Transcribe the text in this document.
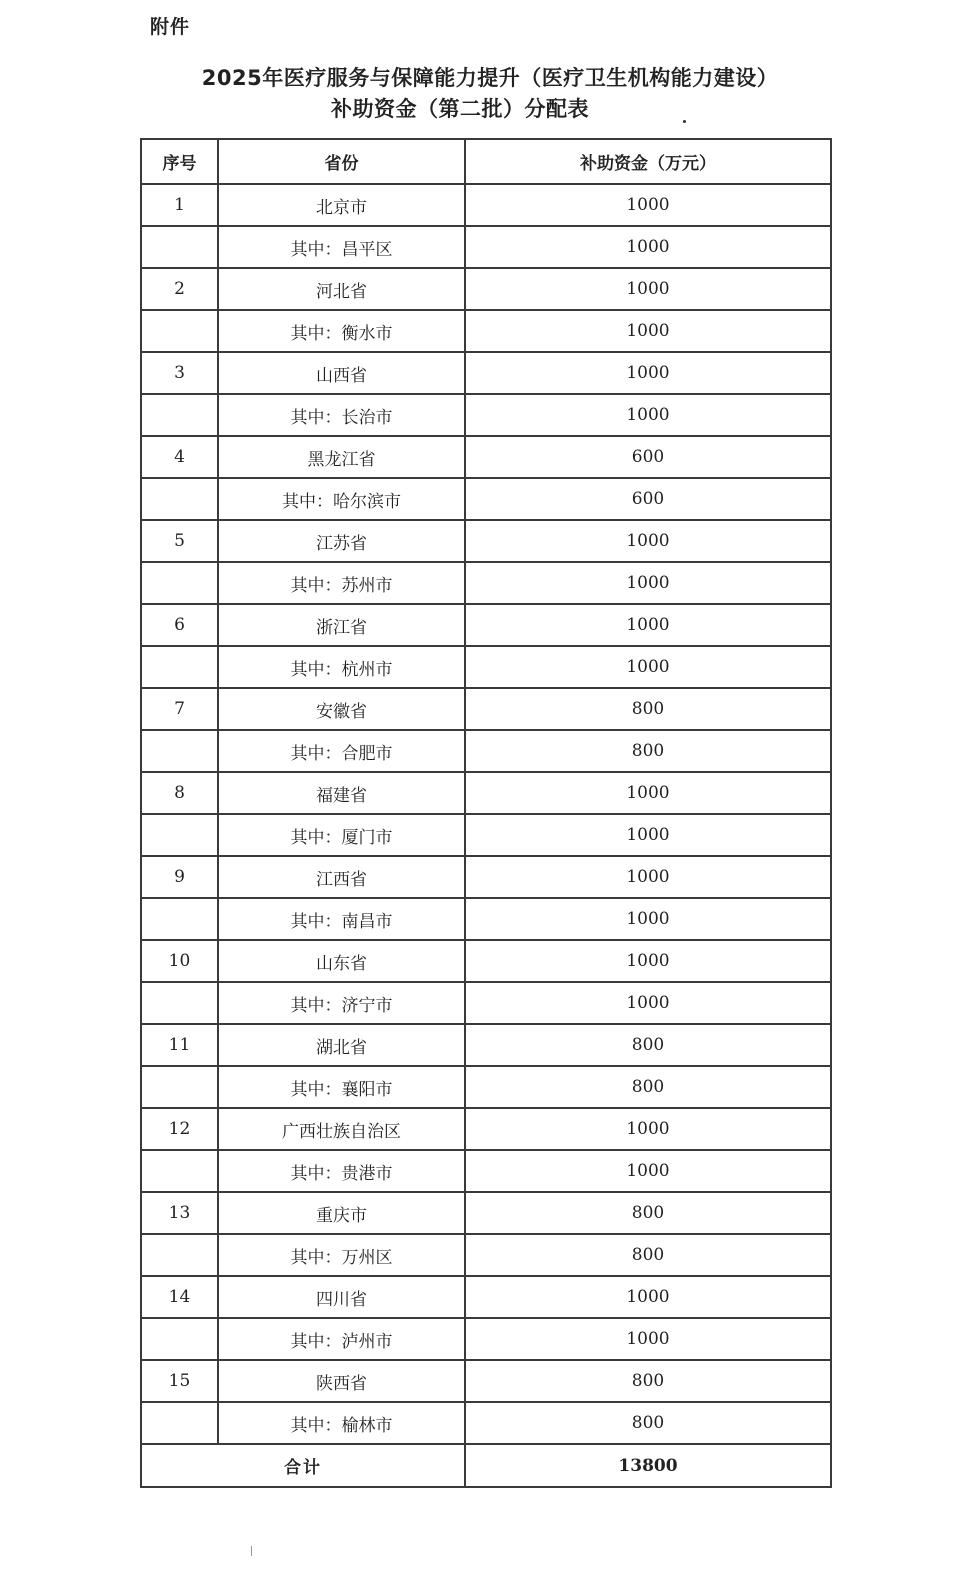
附件
2025年医疗服务与保障能力提升（医疗卫生机构能力建设）
补助资金（第二批）分配表
序号	省份	补助资金（万元）
1	北京市	1000
	其中：昌平区	1000
2	河北省	1000
	其中：衡水市	1000
3	山西省	1000
	其中：长治市	1000
4	黑龙江省	600
	其中：哈尔滨市	600
5	江苏省	1000
	其中：苏州市	1000
6	浙江省	1000
	其中：杭州市	1000
7	安徽省	800
	其中：合肥市	800
8	福建省	1000
	其中：厦门市	1000
9	江西省	1000
	其中：南昌市	1000
10	山东省	1000
	其中：济宁市	1000
11	湖北省	800
	其中：襄阳市	800
12	广西壮族自治区	1000
	其中：贵港市	1000
13	重庆市	800
	其中：万州区	800
14	四川省	1000
	其中：泸州市	1000
15	陕西省	800
	其中：榆林市	800
合计		13800
